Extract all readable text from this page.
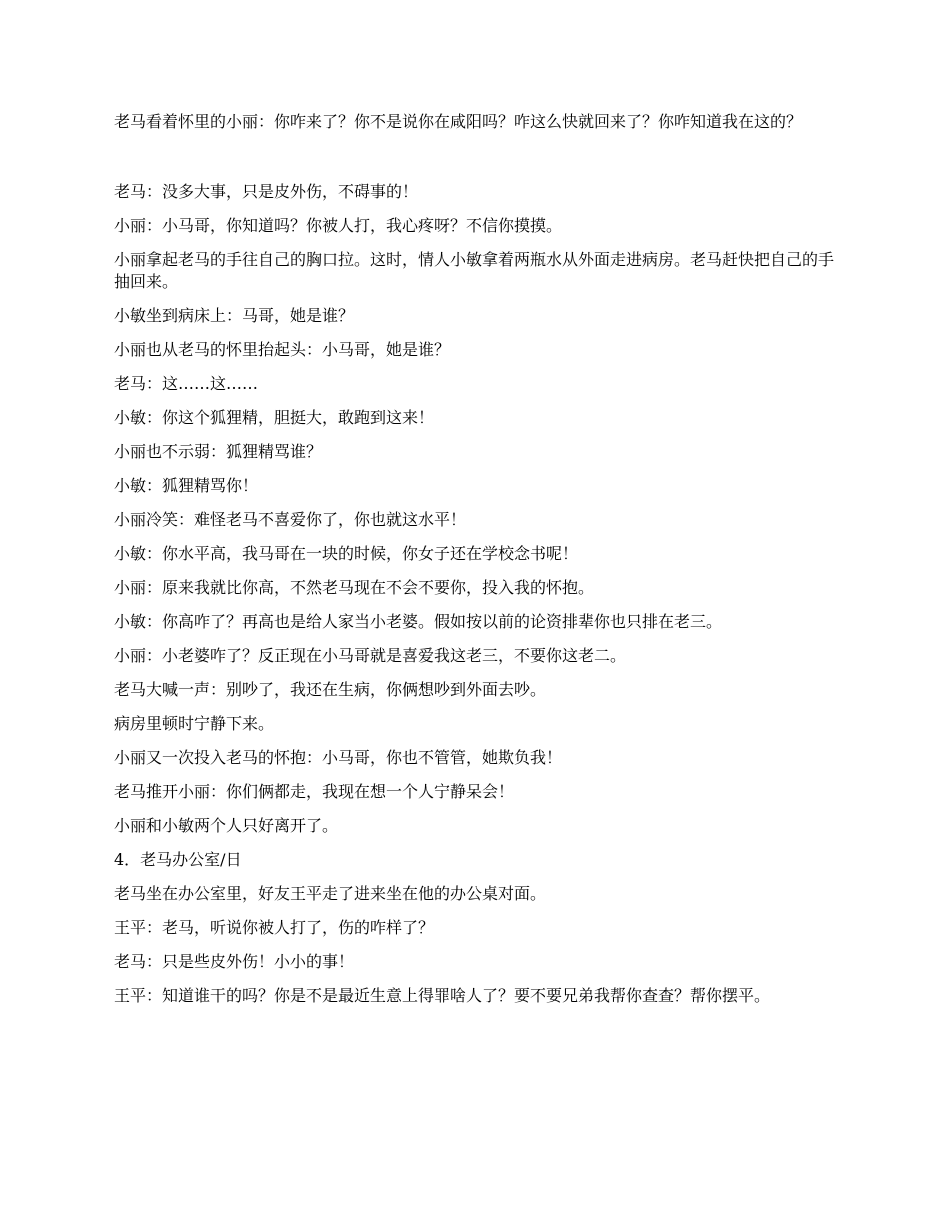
老马看着怀里的小丽：你咋来了？你不是说你在咸阳吗？咋这么快就回来了？你咋知道我在这的？

老马：没多大事，只是皮外伤，不碍事的！

小丽：小马哥，你知道吗？你被人打，我心疼呀？不信你摸摸。

小丽拿起老马的手往自己的胸口拉。这时，情人小敏拿着两瓶水从外面走进病房。老马赶快把自己的手抽回来。

小敏坐到病床上：马哥，她是谁？

小丽也从老马的怀里抬起头：小马哥，她是谁？

老马：这……这……

小敏：你这个狐狸精，胆挺大，敢跑到这来！

小丽也不示弱：狐狸精骂谁？

小敏：狐狸精骂你！

小丽冷笑：难怪老马不喜爱你了，你也就这水平！

小敏：你水平高，我马哥在一块的时候，你女子还在学校念书呢！

小丽：原来我就比你高，不然老马现在不会不要你，投入我的怀抱。

小敏：你高咋了？再高也是给人家当小老婆。假如按以前的论资排辈你也只排在老三。

小丽：小老婆咋了？反正现在小马哥就是喜爱我这老三，不要你这老二。

老马大喊一声：别吵了，我还在生病，你俩想吵到外面去吵。

病房里顿时宁静下来。

小丽又一次投入老马的怀抱：小马哥，你也不管管，她欺负我！

老马推开小丽：你们俩都走，我现在想一个人宁静呆会！

小丽和小敏两个人只好离开了。

4．老马办公室/日

老马坐在办公室里，好友王平走了进来坐在他的办公桌对面。

王平：老马，听说你被人打了，伤的咋样了？

老马：只是些皮外伤！小小的事！

王平：知道谁干的吗？你是不是最近生意上得罪啥人了？要不要兄弟我帮你查查？帮你摆平。
